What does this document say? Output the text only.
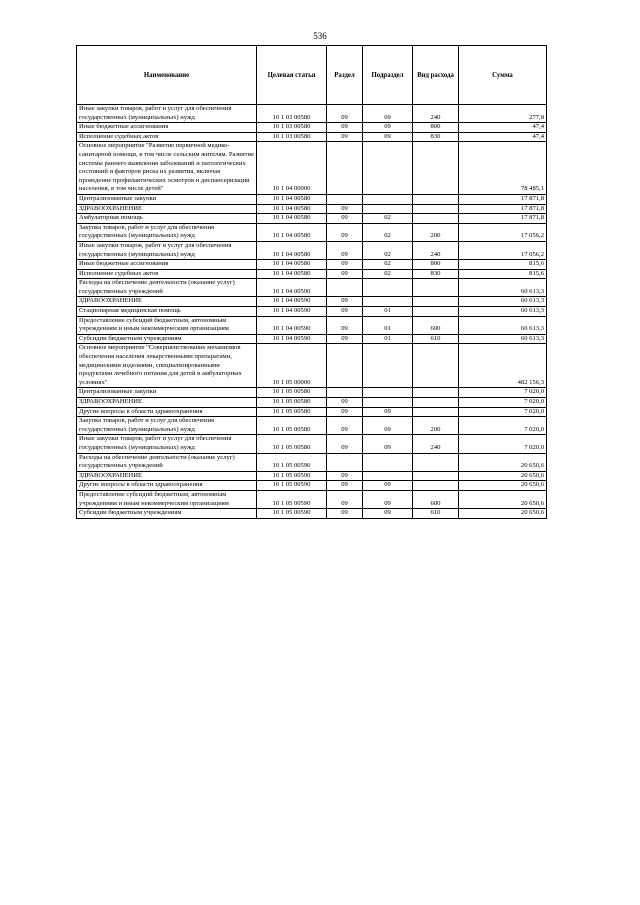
536
Наименование	Целевая статья	Раздел	Подраздел	Вид расхода	Сумма
Иные закупки товаров, работ и услуг для обеспечения государственных (муниципальных) нужд	10 1 03 00580	09	09	240	277,8
Иные бюджетные ассигнования	10 1 03 00580	09	09	800	47,4
Исполнение судебных актов	10 1 03 00580	09	09	830	47,4
Основное мероприятие "Развитие первичной медико-санитарной помощи, в том числе сельским жителям. Развитие системы раннего выявления заболеваний и патологических состояний и факторов риска их развития, включая проведение профилактических осмотров и диспансеризации населения, в том числе детей"	10 1 04 00000				78 485,1
Централизованные закупки	10 1 04 00580				17 871,8
ЗДРАВООХРАНЕНИЕ	10 1 04 00580	09			17 871,8
Амбулаторная помощь	10 1 04 00580	09	02		17 871,8
Закупка товаров, работ и услуг для обеспечения государственных (муниципальных) нужд	10 1 04 00580	09	02	200	17 056,2
Иные закупки товаров, работ и услуг для обеспечения государственных (муниципальных) нужд	10 1 04 00580	09	02	240	17 056,2
Иные бюджетные ассигнования	10 1 04 00580	09	02	800	815,6
Исполнение судебных актов	10 1 04 00580	09	02	830	815,6
Расходы на обеспечение деятельности (оказание услуг) государственных учреждений	10 1 04 00590				60 613,3
ЗДРАВООХРАНЕНИЕ	10 1 04 00590	09			60 613,3
Стационарная медицинская помощь	10 1 04 00590	09	01		60 613,3
Предоставление субсидий бюджетным, автономным учреждениям и иным некоммерческим организациям	10 1 04 00590	09	01	600	60 613,3
Субсидии бюджетным учреждениям	10 1 04 00590	09	01	610	60 613,3
Основное мероприятие "Совершенствование механизмов обеспечения населения лекарственными препаратами, медицинскими изделиями, специализированными продуктами лечебного питания для детей в амбулаторных условиях"	10 1 05 00000				482 156,3
Централизованные закупки	10 1 05 00580				7 020,0
ЗДРАВООХРАНЕНИЕ	10 1 05 00580	09			7 020,0
Другие вопросы в области здравоохранения	10 1 05 00580	09	09		7 020,0
Закупка товаров, работ и услуг для обеспечения государственных (муниципальных) нужд	10 1 05 00580	09	09	200	7 020,0
Иные закупки товаров, работ и услуг для обеспечения государственных (муниципальных) нужд	10 1 05 00580	09	09	240	7 020,0
Расходы на обеспечение деятельности (оказание услуг) государственных учреждений	10 1 05 00590				20 650,6
ЗДРАВООХРАНЕНИЕ	10 1 05 00590	09			20 650,6
Другие вопросы в области здравоохранения	10 1 05 00590	09	09		20 650,6
Предоставление субсидий бюджетным, автономным учреждениям и иным некоммерческим организациям	10 1 05 00590	09	09	600	20 650,6
Субсидии бюджетным учреждениям	10 1 05 00590	09	09	610	20 650,6
